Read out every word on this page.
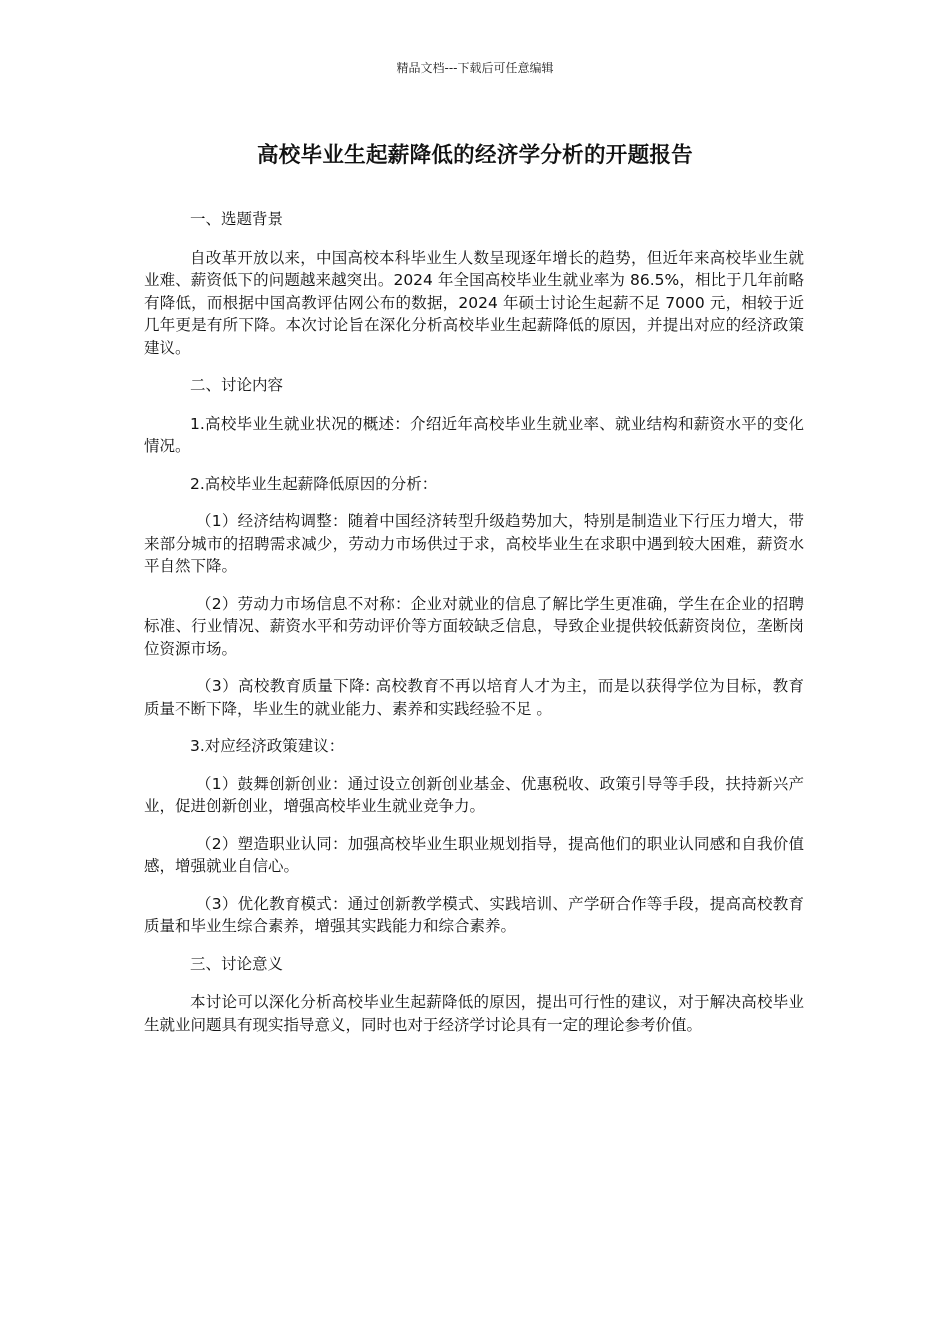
精品文档---下载后可任意编辑
高校毕业生起薪降低的经济学分析的开题报告

一、选题背景

自改革开放以来，中国高校本科毕业生人数呈现逐年增长的趋势，但近年来高校毕业生就业难、薪资低下的问题越来越突出。2024 年全国高校毕业生就业率为 86.5%，相比于几年前略有降低，而根据中国高教评估网公布的数据，2024 年硕士讨论生起薪不足 7000 元，相较于近几年更是有所下降。本次讨论旨在深化分析高校毕业生起薪降低的原因，并提出对应的经济政策建议。

二、讨论内容

1.高校毕业生就业状况的概述：介绍近年高校毕业生就业率、就业结构和薪资水平的变化情况。

2.高校毕业生起薪降低原因的分析：

（1）经济结构调整：随着中国经济转型升级趋势加大，特别是制造业下行压力增大，带来部分城市的招聘需求减少，劳动力市场供过于求，高校毕业生在求职中遇到较大困难，薪资水平自然下降。

（2）劳动力市场信息不对称：企业对就业的信息了解比学生更准确，学生在企业的招聘标准、行业情况、薪资水平和劳动评价等方面较缺乏信息，导致企业提供较低薪资岗位，垄断岗位资源市场。

（3）高校教育质量下降: 高校教育不再以培育人才为主，而是以获得学位为目标，教育质量不断下降，毕业生的就业能力、素养和实践经验不足 。

3.对应经济政策建议：

（1）鼓舞创新创业：通过设立创新创业基金、优惠税收、政策引导等手段，扶持新兴产业，促进创新创业，增强高校毕业生就业竞争力。

（2）塑造职业认同：加强高校毕业生职业规划指导，提高他们的职业认同感和自我价值感，增强就业自信心。

（3）优化教育模式：通过创新教学模式、实践培训、产学研合作等手段，提高高校教育质量和毕业生综合素养，增强其实践能力和综合素养。

三、讨论意义

本讨论可以深化分析高校毕业生起薪降低的原因，提出可行性的建议，对于解决高校毕业生就业问题具有现实指导意义，同时也对于经济学讨论具有一定的理论参考价值。
